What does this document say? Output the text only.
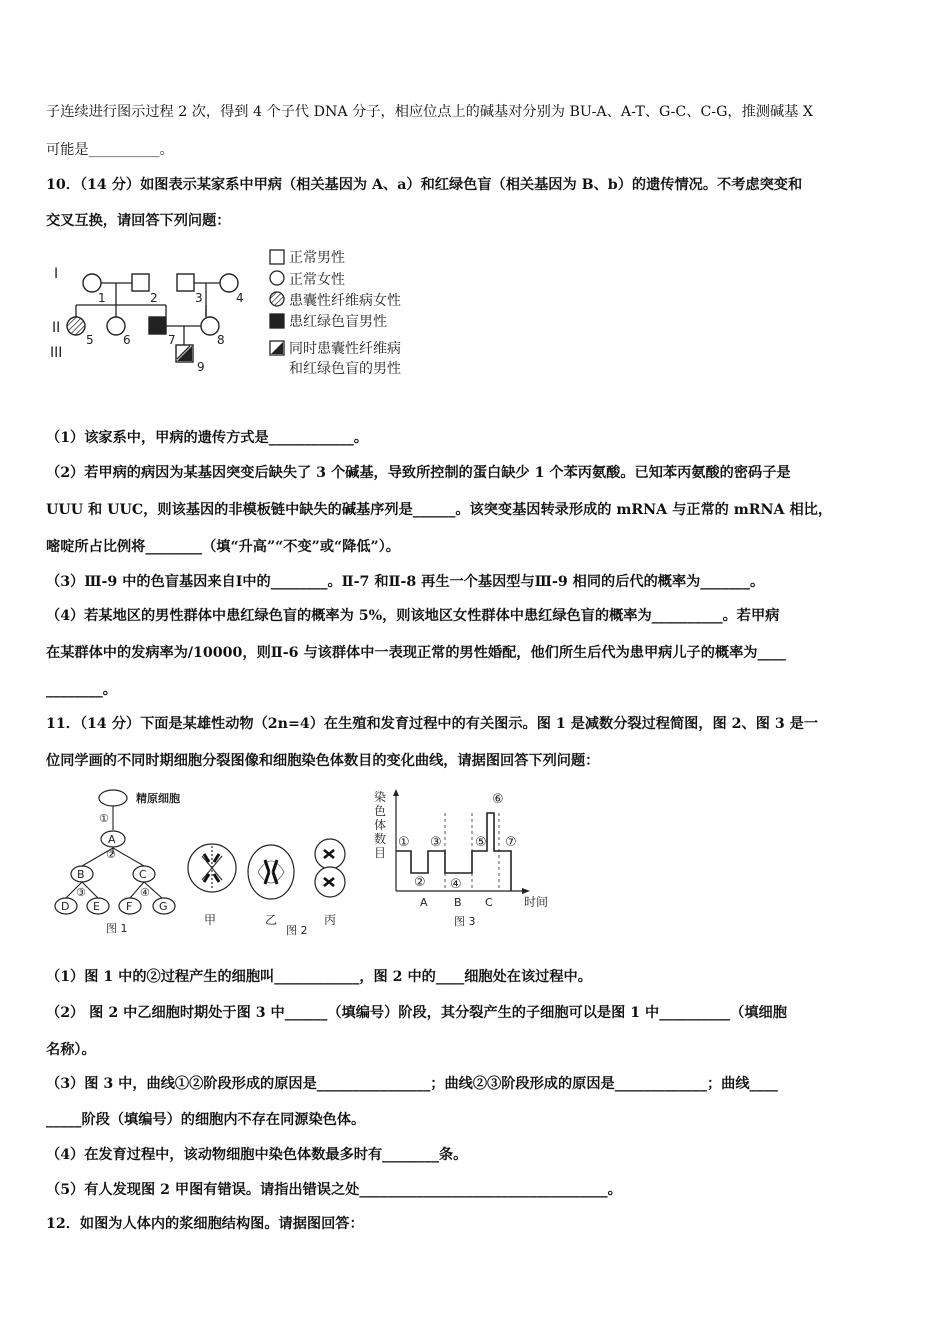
子连续进行图示过程 2 次，得到 4 个子代 DNA 分子，相应位点上的碱基对分别为 BU-A、A-T、G-C、C-G，推测碱基 X
可能是__________。
10．（14 分）如图表示某家系中甲病（相关基因为 A、a）和红绿色盲（相关基因为 B、b）的遗传情况。不考虑突变和
交叉互换，请回答下列问题：
I
II
III
1	2	3	4
5 6	7	8
9
正常男性
正常女性
患囊性纤维病女性
患红绿色盲男性
同时患囊性纤维病
和红绿色盲的男性
（1）该家系中，甲病的遗传方式是____________。
（2）若甲病的病因为某基因突变后缺失了 3 个碱基，导致所控制的蛋白缺少 1 个苯丙氨酸。已知苯丙氨酸的密码子是
UUU 和 UUC，则该基因的非模板链中缺失的碱基序列是______。该突变基因转录形成的 mRNA 与正常的 mRNA 相比，
嘧啶所占比例将________（填“升高”“不变”或“降低”）。
（3）Ⅲ-9 中的色盲基因来自Ⅰ中的________。Ⅱ-7 和Ⅱ-8 再生一个基因型与Ⅲ-9 相同的后代的概率为_______。
（4）若某地区的男性群体中患红绿色盲的概率为 5%，则该地区女性群体中患红绿色盲的概率为__________。若甲病
在某群体中的发病率为/10000，则Ⅱ-6 与该群体中一表现正常的男性婚配，他们所生后代为患甲病儿子的概率为____
________。
11．（14 分）下面是某雄性动物（2n=4）在生殖和发育过程中的有关图示。图 1 是减数分裂过程简图，图 2、图 3 是一
位同学画的不同时期细胞分裂图像和细胞染色体数目的变化曲线，请据图回答下列问题：
精原细胞
①
A
②
B	C
③	④
D E F G
图 1
甲	乙	丙
图 2
染
色
体
数
目
①
②
③
④
⑤
⑥
⑦
A B C	时间
图 3
（1）图 1 中的②过程产生的细胞叫____________，图 2 中的____细胞处在该过程中。
（2） 图 2 中乙细胞时期处于图 3 中______（填编号）阶段，其分裂产生的子细胞可以是图 1 中__________（填细胞
名称）。
（3）图 3 中，曲线①②阶段形成的原因是________________；曲线②③阶段形成的原因是_____________；曲线____
_____阶段（填编号）的细胞内不存在同源染色体。
（4）在发育过程中，该动物细胞中染色体数最多时有________条。
（5）有人发现图 2 甲图有错误。请指出错误之处___________________________________。
12．如图为人体内的浆细胞结构图。请据图回答：
